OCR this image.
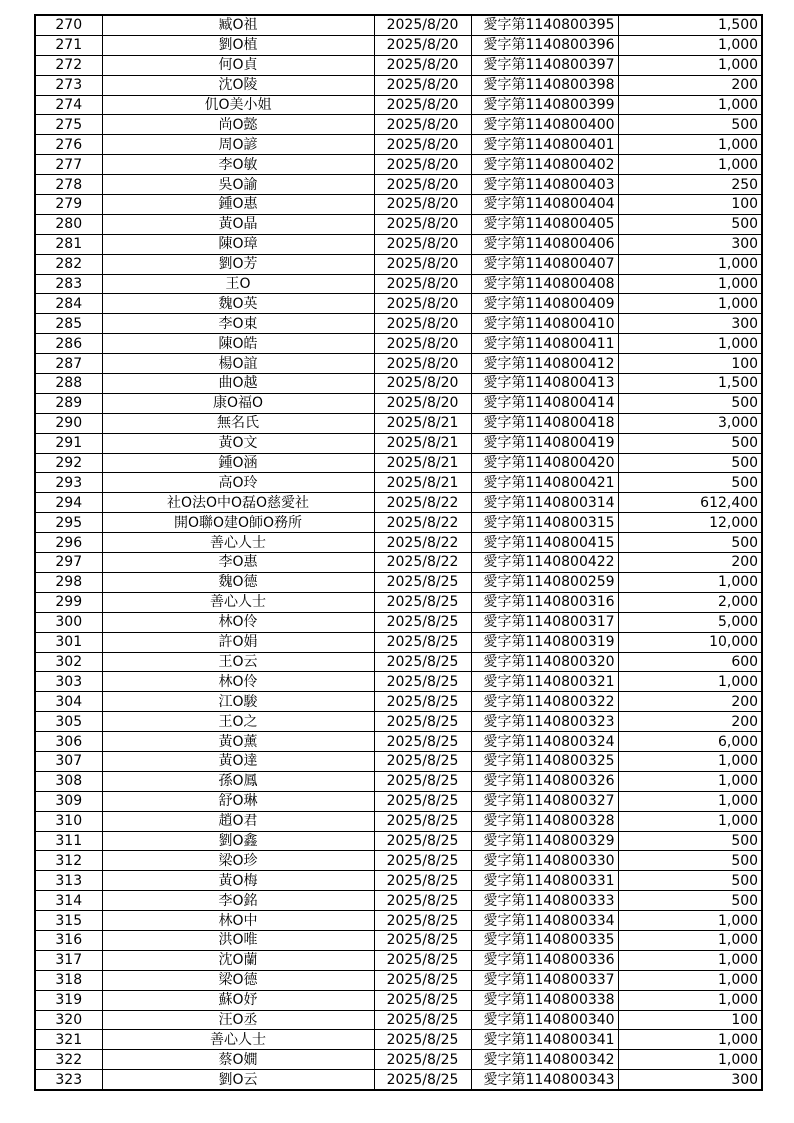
270	臧O祖	2025/8/20	愛字第1140800395	1,500
271	劉O植	2025/8/20	愛字第1140800396	1,000
272	何O貞	2025/8/20	愛字第1140800397	1,000
273	沈O陵	2025/8/20	愛字第1140800398	200
274	仉O美小姐	2025/8/20	愛字第1140800399	1,000
275	尚O懿	2025/8/20	愛字第1140800400	500
276	周O諺	2025/8/20	愛字第1140800401	1,000
277	李O敏	2025/8/20	愛字第1140800402	1,000
278	吳O諭	2025/8/20	愛字第1140800403	250
279	鍾O惠	2025/8/20	愛字第1140800404	100
280	黃O晶	2025/8/20	愛字第1140800405	500
281	陳O璋	2025/8/20	愛字第1140800406	300
282	劉O芳	2025/8/20	愛字第1140800407	1,000
283	王O	2025/8/20	愛字第1140800408	1,000
284	魏O英	2025/8/20	愛字第1140800409	1,000
285	李O東	2025/8/20	愛字第1140800410	300
286	陳O皓	2025/8/20	愛字第1140800411	1,000
287	楊O誼	2025/8/20	愛字第1140800412	100
288	曲O越	2025/8/20	愛字第1140800413	1,500
289	康O福O	2025/8/20	愛字第1140800414	500
290	無名氏	2025/8/21	愛字第1140800418	3,000
291	黃O文	2025/8/21	愛字第1140800419	500
292	鍾O涵	2025/8/21	愛字第1140800420	500
293	高O玲	2025/8/21	愛字第1140800421	500
294	社O法O中O磊O慈愛社	2025/8/22	愛字第1140800314	612,400
295	開O聯O建O師O務所	2025/8/22	愛字第1140800315	12,000
296	善心人士	2025/8/22	愛字第1140800415	500
297	李O惠	2025/8/22	愛字第1140800422	200
298	魏O德	2025/8/25	愛字第1140800259	1,000
299	善心人士	2025/8/25	愛字第1140800316	2,000
300	林O伶	2025/8/25	愛字第1140800317	5,000
301	許O娟	2025/8/25	愛字第1140800319	10,000
302	王O云	2025/8/25	愛字第1140800320	600
303	林O伶	2025/8/25	愛字第1140800321	1,000
304	江O駿	2025/8/25	愛字第1140800322	200
305	王O之	2025/8/25	愛字第1140800323	200
306	黃O薰	2025/8/25	愛字第1140800324	6,000
307	黃O達	2025/8/25	愛字第1140800325	1,000
308	孫O鳳	2025/8/25	愛字第1140800326	1,000
309	舒O琳	2025/8/25	愛字第1140800327	1,000
310	趙O君	2025/8/25	愛字第1140800328	1,000
311	劉O鑫	2025/8/25	愛字第1140800329	500
312	梁O珍	2025/8/25	愛字第1140800330	500
313	黃O梅	2025/8/25	愛字第1140800331	500
314	李O銘	2025/8/25	愛字第1140800333	500
315	林O中	2025/8/25	愛字第1140800334	1,000
316	洪O唯	2025/8/25	愛字第1140800335	1,000
317	沈O蘭	2025/8/25	愛字第1140800336	1,000
318	梁O德	2025/8/25	愛字第1140800337	1,000
319	蘇O妤	2025/8/25	愛字第1140800338	1,000
320	汪O丞	2025/8/25	愛字第1140800340	100
321	善心人士	2025/8/25	愛字第1140800341	1,000
322	蔡O嫺	2025/8/25	愛字第1140800342	1,000
323	劉O云	2025/8/25	愛字第1140800343	300
